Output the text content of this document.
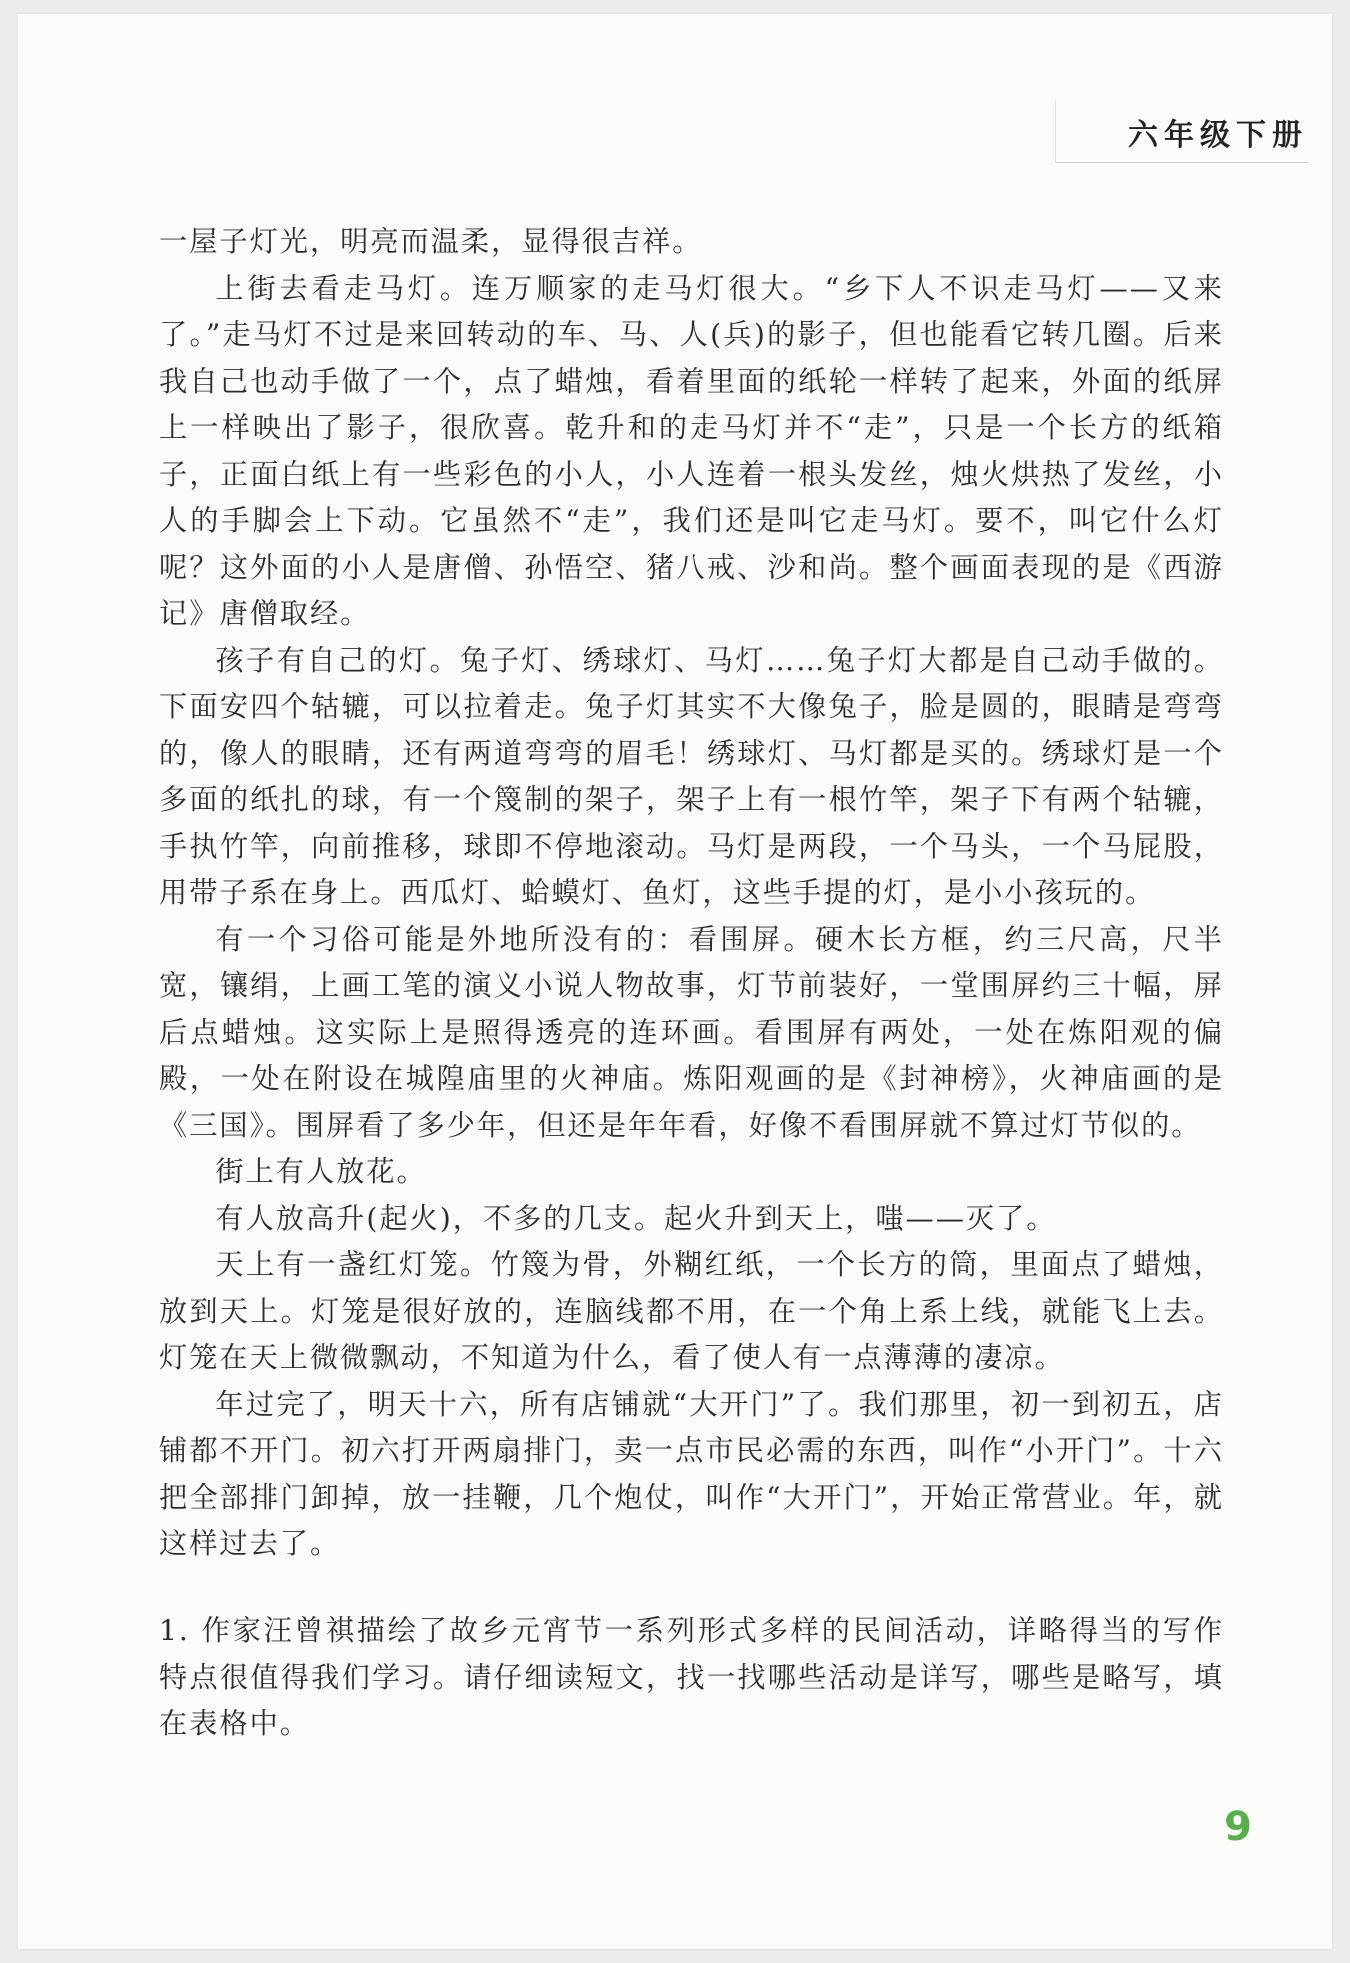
六年级下册

一屋子灯光，明亮而温柔，显得很吉祥。

上街去看走马灯。连万顺家的走马灯很大。“乡下人不识走马灯——又来了。”走马灯不过是来回转动的车、马、人(兵)的影子，但也能看它转几圈。后来我自己也动手做了一个，点了蜡烛，看着里面的纸轮一样转了起来，外面的纸屏上一样映出了影子，很欣喜。乾升和的走马灯并不“走”，只是一个长方的纸箱子，正面白纸上有一些彩色的小人，小人连着一根头发丝，烛火烘热了发丝，小人的手脚会上下动。它虽然不“走”，我们还是叫它走马灯。要不，叫它什么灯呢？这外面的小人是唐僧、孙悟空、猪八戒、沙和尚。整个画面表现的是《西游记》唐僧取经。

孩子有自己的灯。兔子灯、绣球灯、马灯……兔子灯大都是自己动手做的。下面安四个轱辘，可以拉着走。兔子灯其实不大像兔子，脸是圆的，眼睛是弯弯的，像人的眼睛，还有两道弯弯的眉毛！绣球灯、马灯都是买的。绣球灯是一个多面的纸扎的球，有一个篾制的架子，架子上有一根竹竿，架子下有两个轱辘，手执竹竿，向前推移，球即不停地滚动。马灯是两段，一个马头，一个马屁股，用带子系在身上。西瓜灯、蛤蟆灯、鱼灯，这些手提的灯，是小小孩玩的。

有一个习俗可能是外地所没有的：看围屏。硬木长方框，约三尺高，尺半宽，镶绢，上画工笔的演义小说人物故事，灯节前装好，一堂围屏约三十幅，屏后点蜡烛。这实际上是照得透亮的连环画。看围屏有两处，一处在炼阳观的偏殿，一处在附设在城隍庙里的火神庙。炼阳观画的是《封神榜》，火神庙画的是《三国》。围屏看了多少年，但还是年年看，好像不看围屏就不算过灯节似的。

街上有人放花。

有人放高升(起火)，不多的几支。起火升到天上，嗤——灭了。

天上有一盏红灯笼。竹篾为骨，外糊红纸，一个长方的筒，里面点了蜡烛，放到天上。灯笼是很好放的，连脑线都不用，在一个角上系上线，就能飞上去。灯笼在天上微微飘动，不知道为什么，看了使人有一点薄薄的凄凉。

年过完了，明天十六，所有店铺就“大开门”了。我们那里，初一到初五，店铺都不开门。初六打开两扇排门，卖一点市民必需的东西，叫作“小开门”。十六把全部排门卸掉，放一挂鞭，几个炮仗，叫作“大开门”，开始正常营业。年，就这样过去了。

1. 作家汪曾祺描绘了故乡元宵节一系列形式多样的民间活动，详略得当的写作特点很值得我们学习。请仔细读短文，找一找哪些活动是详写，哪些是略写，填在表格中。

9
